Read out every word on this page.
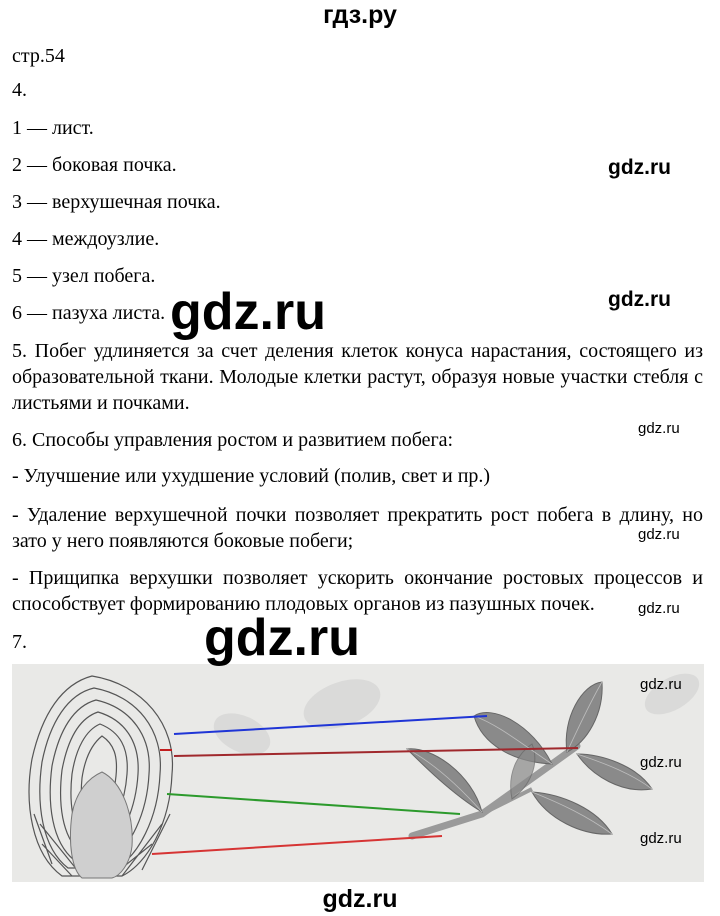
гдз.ру
стр.54
4.
1 — лист.
2 — боковая почка.
3 — верхушечная почка.
4 — междоузлие.
5 — узел побега.
6 — пазуха листа.
5. Побег удлиняется за счет деления клеток конуса нарастания, состоящего из образовательной ткани. Молодые клетки растут, образуя новые участки стебля с листьями и почками.
6. Способы управления ростом и развитием побега:
- Улучшение или ухудшение условий (полив, свет и пр.)
- Удаление верхушечной почки позволяет прекратить рост побега в длину, но зато у него появляются боковые побеги;
- Прищипка верхушки позволяет ускорить окончание ростовых процессов и способствует формированию плодовых органов из пазушных почек.
7.
gdz.ru
gdz.ru
gdz.ru
gdz.ru
gdz.ru
gdz.ru
gdz.ru
gdz.ru
gdz.ru
gdz.ru
gdz.ru
